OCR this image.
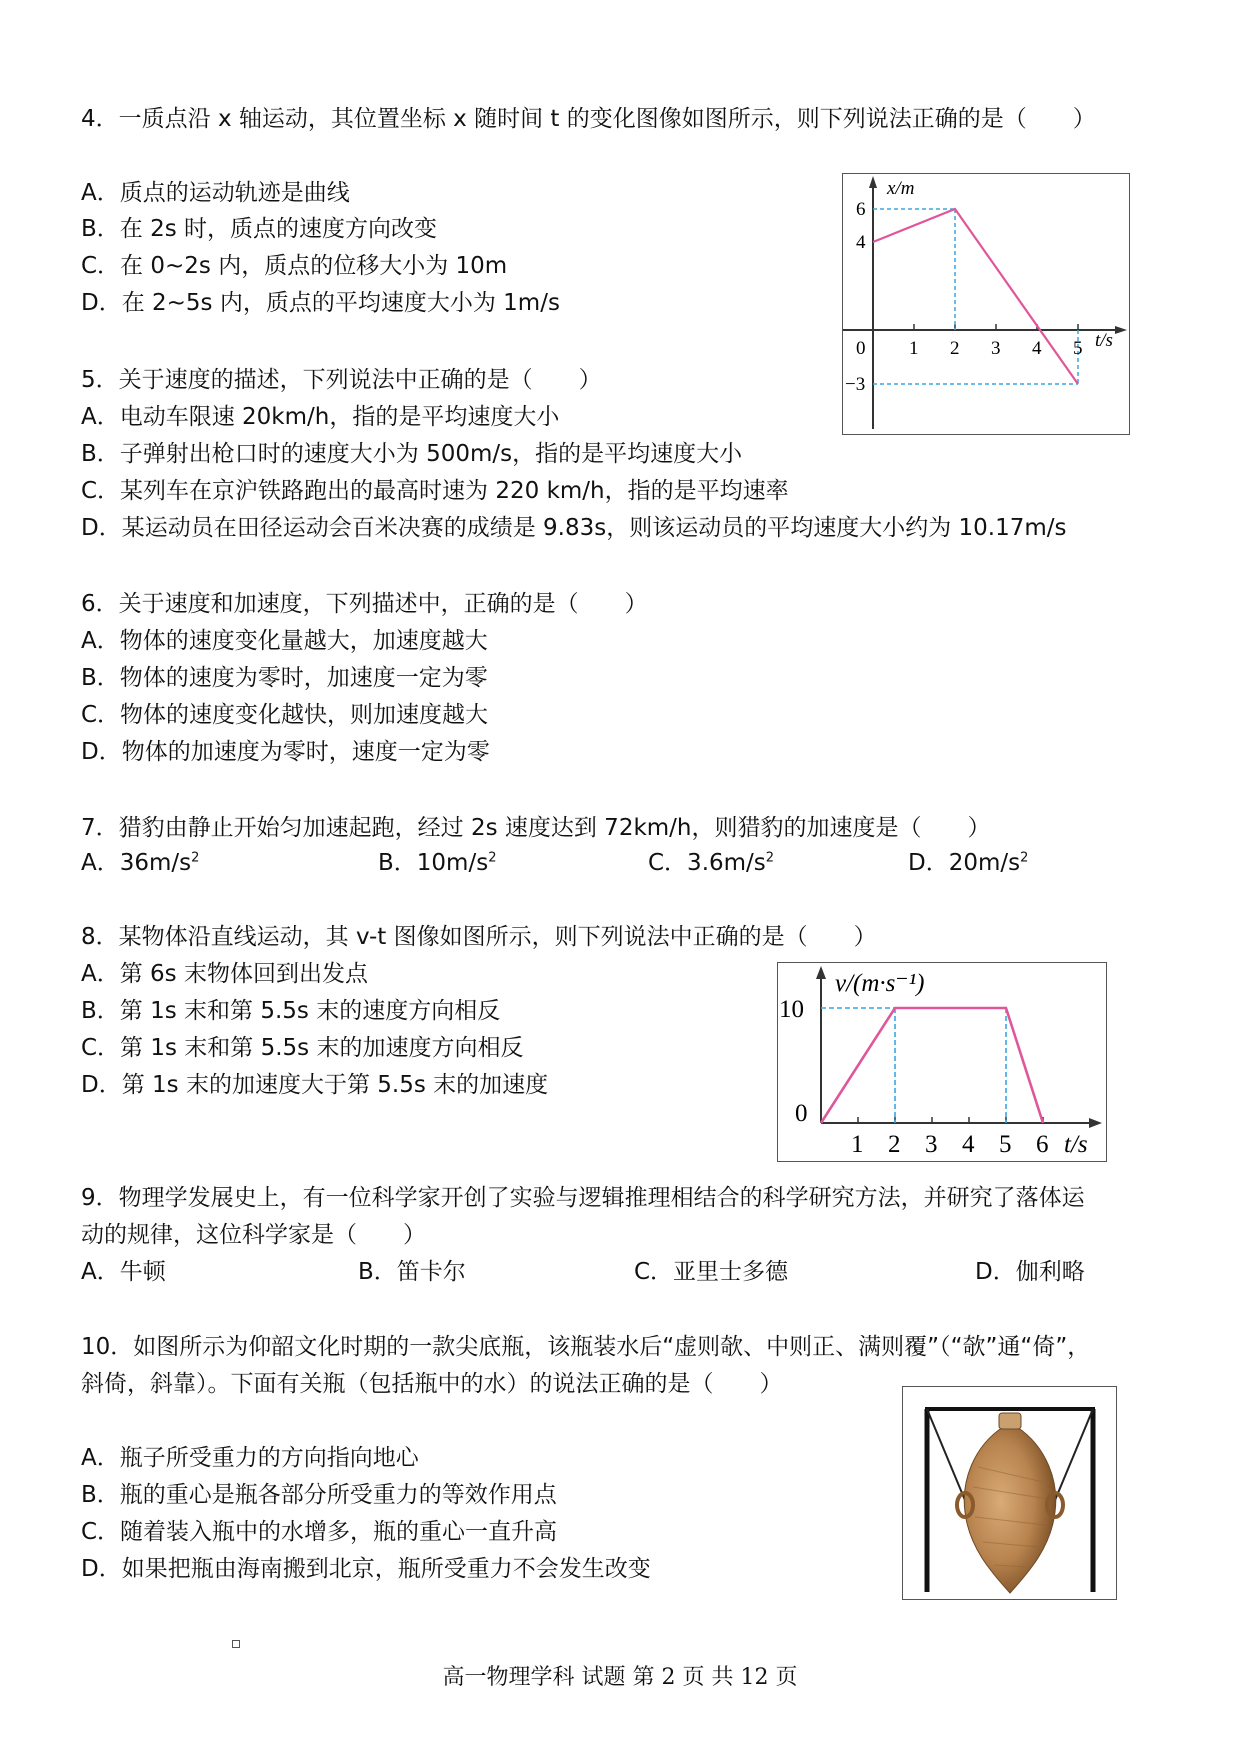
4．一质点沿 x 轴运动，其位置坐标 x 随时间 t 的变化图像如图所示，则下列说法正确的是（　　）
A．质点的运动轨迹是曲线
B．在 2s 时，质点的速度方向改变
C．在 0~2s 内，质点的位移大小为 10m
D．在 2~5s 内，质点的平均速度大小为 1m/s
x/m
6
4
−3
0 1 2 3 4 5 t/s
5．关于速度的描述，下列说法中正确的是（　　）
A．电动车限速 20km/h，指的是平均速度大小
B．子弹射出枪口时的速度大小为 500m/s，指的是平均速度大小
C．某列车在京沪铁路跑出的最高时速为 220 km/h，指的是平均速率
D．某运动员在田径运动会百米决赛的成绩是 9.83s，则该运动员的平均速度大小约为 10.17m/s
6．关于速度和加速度，下列描述中，正确的是（　　）
A．物体的速度变化量越大，加速度越大
B．物体的速度为零时，加速度一定为零
C．物体的速度变化越快，则加速度越大
D．物体的加速度为零时，速度一定为零
7．猎豹由静止开始匀加速起跑，经过 2s 速度达到 72km/h，则猎豹的加速度是（　　）
A．$36m/s^2$	B．$10m/s^2$	C．$3.6m/s^2$	D．$20m/s^2$
8．某物体沿直线运动，其 v-t 图像如图所示，则下列说法中正确的是（　　）
A．第 6s 末物体回到出发点
B．第 1s 末和第 5.5s 末的速度方向相反
C．第 1s 末和第 5.5s 末的加速度方向相反
D．第 1s 末的加速度大于第 5.5s 末的加速度
v/(m·s⁻¹)
10
0
1 2 3 4 5 6 t/s
9．物理学发展史上，有一位科学家开创了实验与逻辑推理相结合的科学研究方法，并研究了落体运
动的规律，这位科学家是（　　）
A．牛顿	B．笛卡尔	C．亚里士多德	D．伽利略
10．如图所示为仰韶文化时期的一款尖底瓶，该瓶装水后“虚则欹、中则正、满则覆”（“欹”通“倚”，
斜倚，斜靠）。下面有关瓶（包括瓶中的水）的说法正确的是（　　）
A．瓶子所受重力的方向指向地心
B．瓶的重心是瓶各部分所受重力的等效作用点
C．随着装入瓶中的水增多，瓶的重心一直升高
D．如果把瓶由海南搬到北京，瓶所受重力不会发生改变
高一物理学科 试题 第 2 页 共 12 页
